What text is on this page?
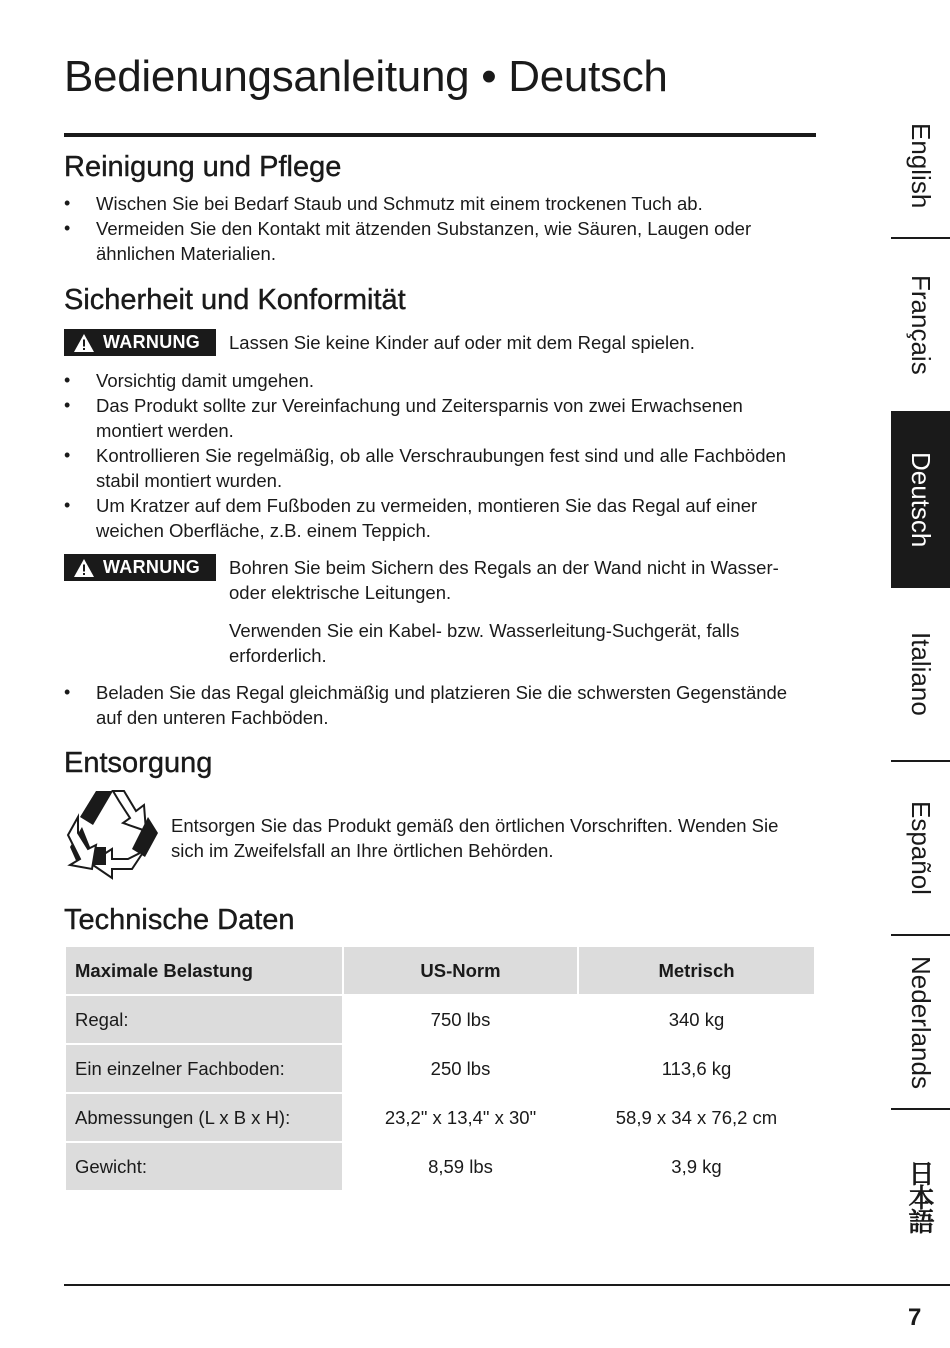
Bedienungsanleitung • Deutsch
Reinigung und Pflege
• Wischen Sie bei Bedarf Staub und Schmutz mit einem trockenen Tuch ab.
• Vermeiden Sie den Kontakt mit ätzenden Substanzen, wie Säuren, Laugen oder ähnlichen Materialien.
Sicherheit und Konformität
WARNUNG Lassen Sie keine Kinder auf oder mit dem Regal spielen.
• Vorsichtig damit umgehen.
• Das Produkt sollte zur Vereinfachung und Zeitersparnis von zwei Erwachsenen montiert werden.
• Kontrollieren Sie regelmäßig, ob alle Verschraubungen fest sind und alle Fachböden stabil montiert wurden.
• Um Kratzer auf dem Fußboden zu vermeiden, montieren Sie das Regal auf einer weichen Oberfläche, z.B. einem Teppich.
WARNUNG Bohren Sie beim Sichern des Regals an der Wand nicht in Wasser- oder elektrische Leitungen.
Verwenden Sie ein Kabel- bzw. Wasserleitung-Suchgerät, falls erforderlich.
• Beladen Sie das Regal gleichmäßig und platzieren Sie die schwersten Gegenstände auf den unteren Fachböden.
Entsorgung
Entsorgen Sie das Produkt gemäß den örtlichen Vorschriften. Wenden Sie sich im Zweifelsfall an Ihre örtlichen Behörden.
Technische Daten
Maximale Belastung	US-Norm	Metrisch
Regal:	750 lbs	340 kg
Ein einzelner Fachboden:	250 lbs	113,6 kg
Abmessungen (L x B x H):	23,2" x 13,4" x 30"	58,9 x 34 x 76,2 cm
Gewicht:	8,59 lbs	3,9 kg
English
Français
Deutsch
Italiano
Español
Nederlands
日本語
7
